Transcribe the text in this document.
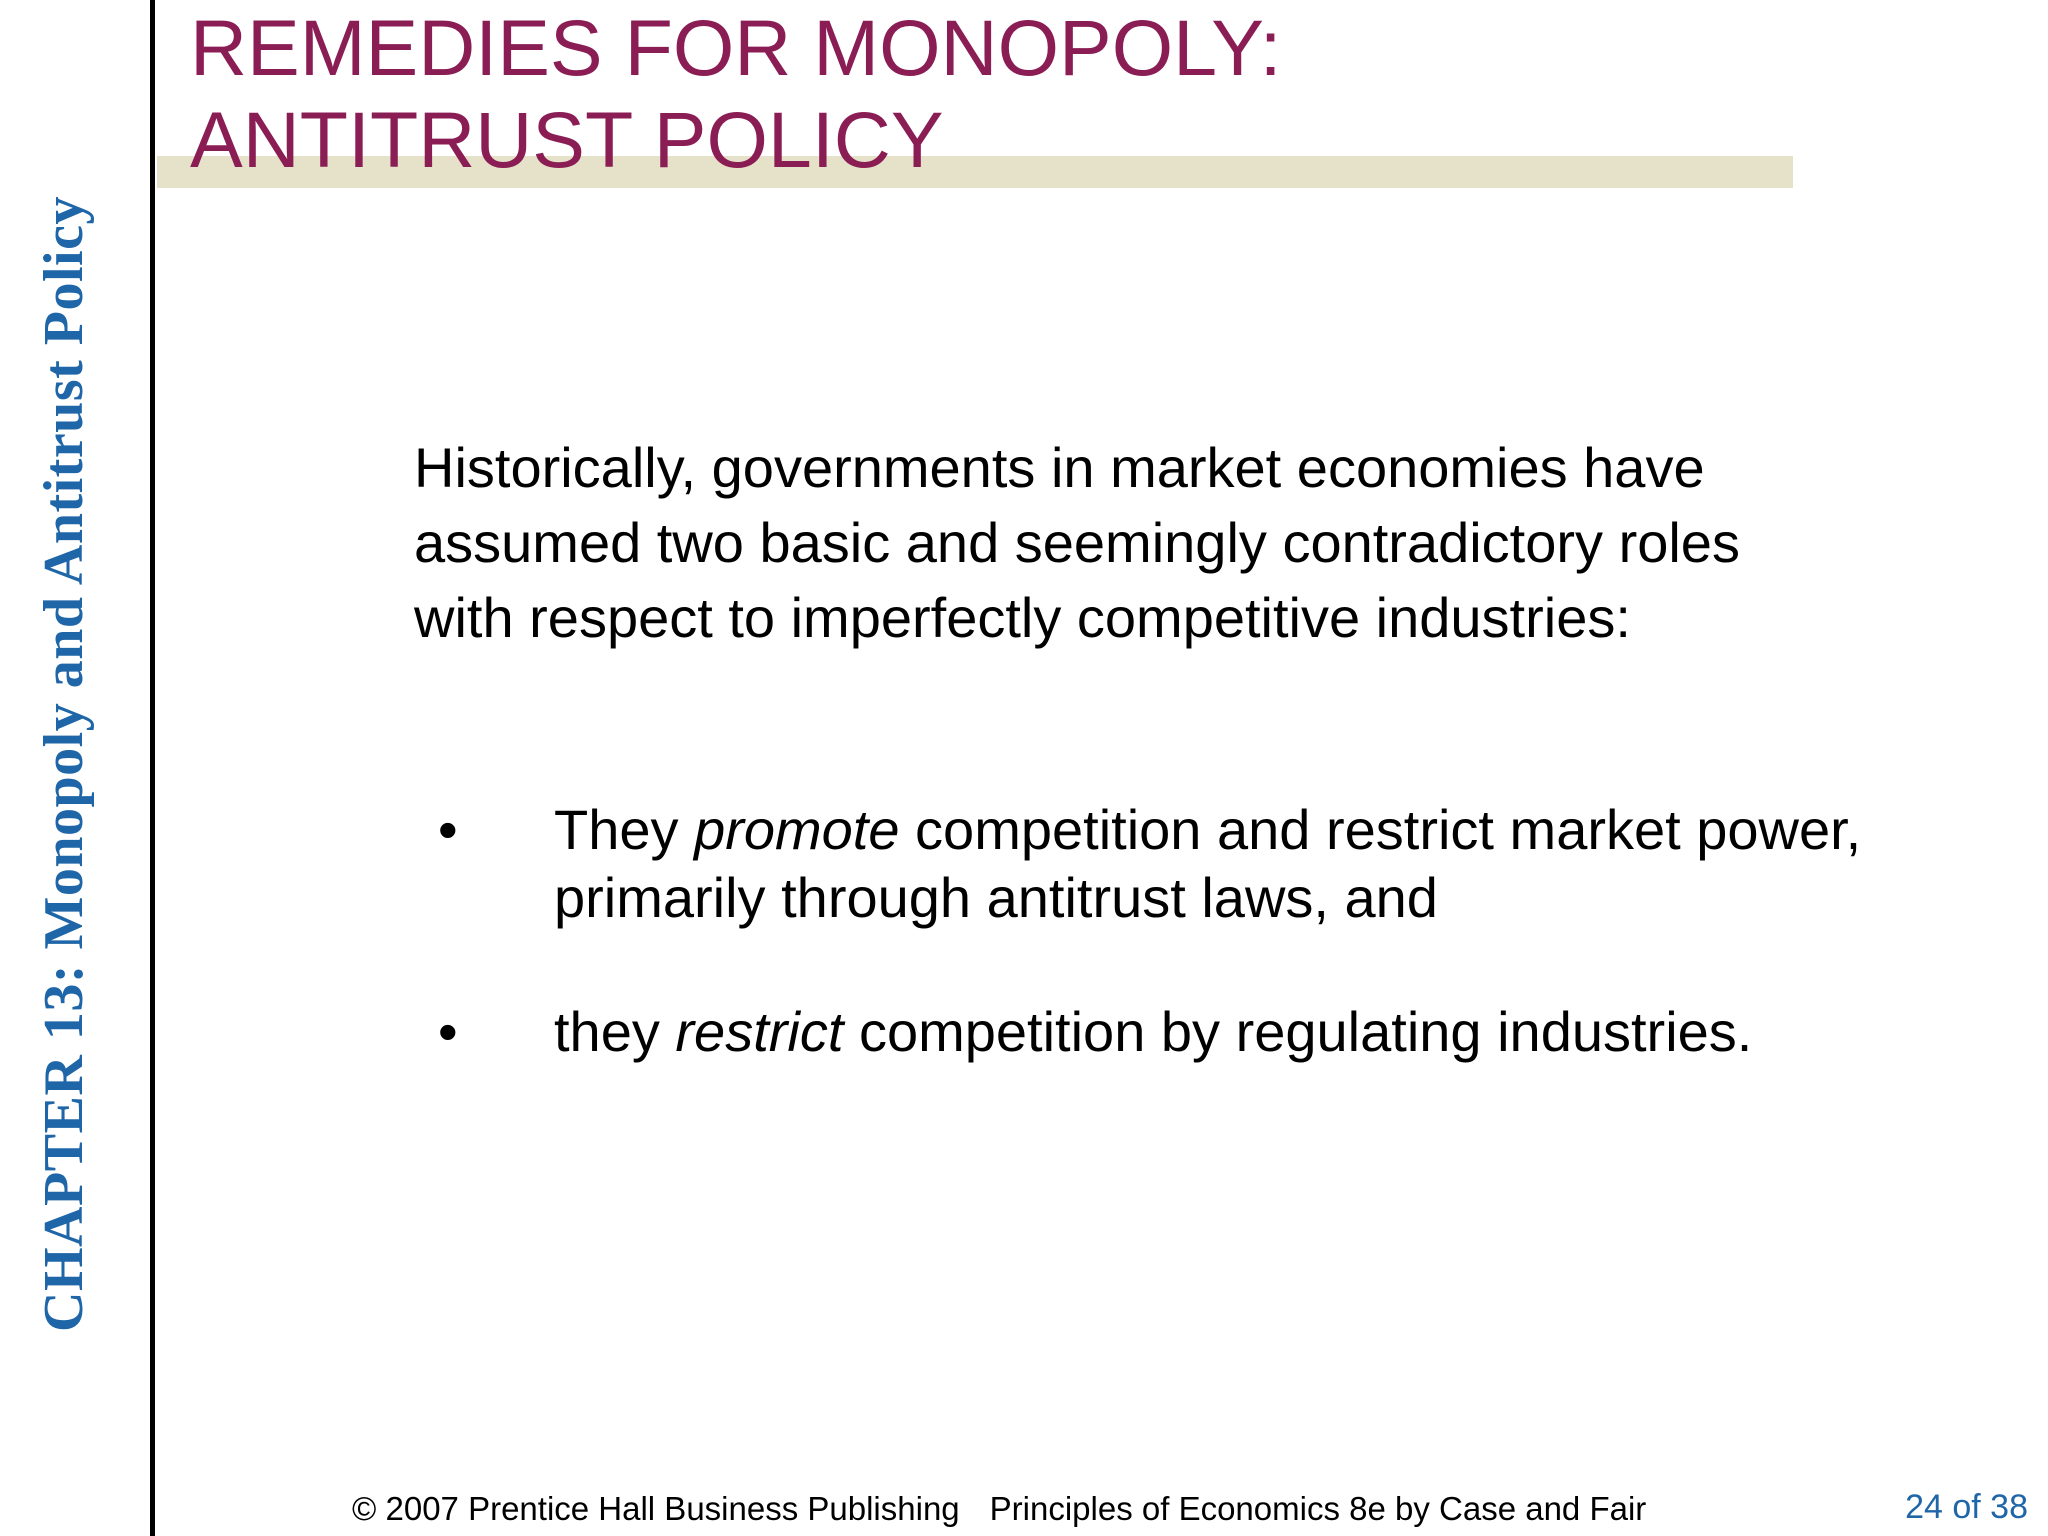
CHAPTER 13: Monopoly and Antitrust Policy
REMEDIES FOR MONOPOLY:
ANTITRUST POLICY

Historically, governments in market economies have assumed two basic and seemingly contradictory roles with respect to imperfectly competitive industries:

• They promote competition and restrict market power, primarily through antitrust laws, and
• they restrict competition by regulating industries.
© 2007 Prentice Hall Business Publishing Principles of Economics 8e by Case and Fair	24 of 38
